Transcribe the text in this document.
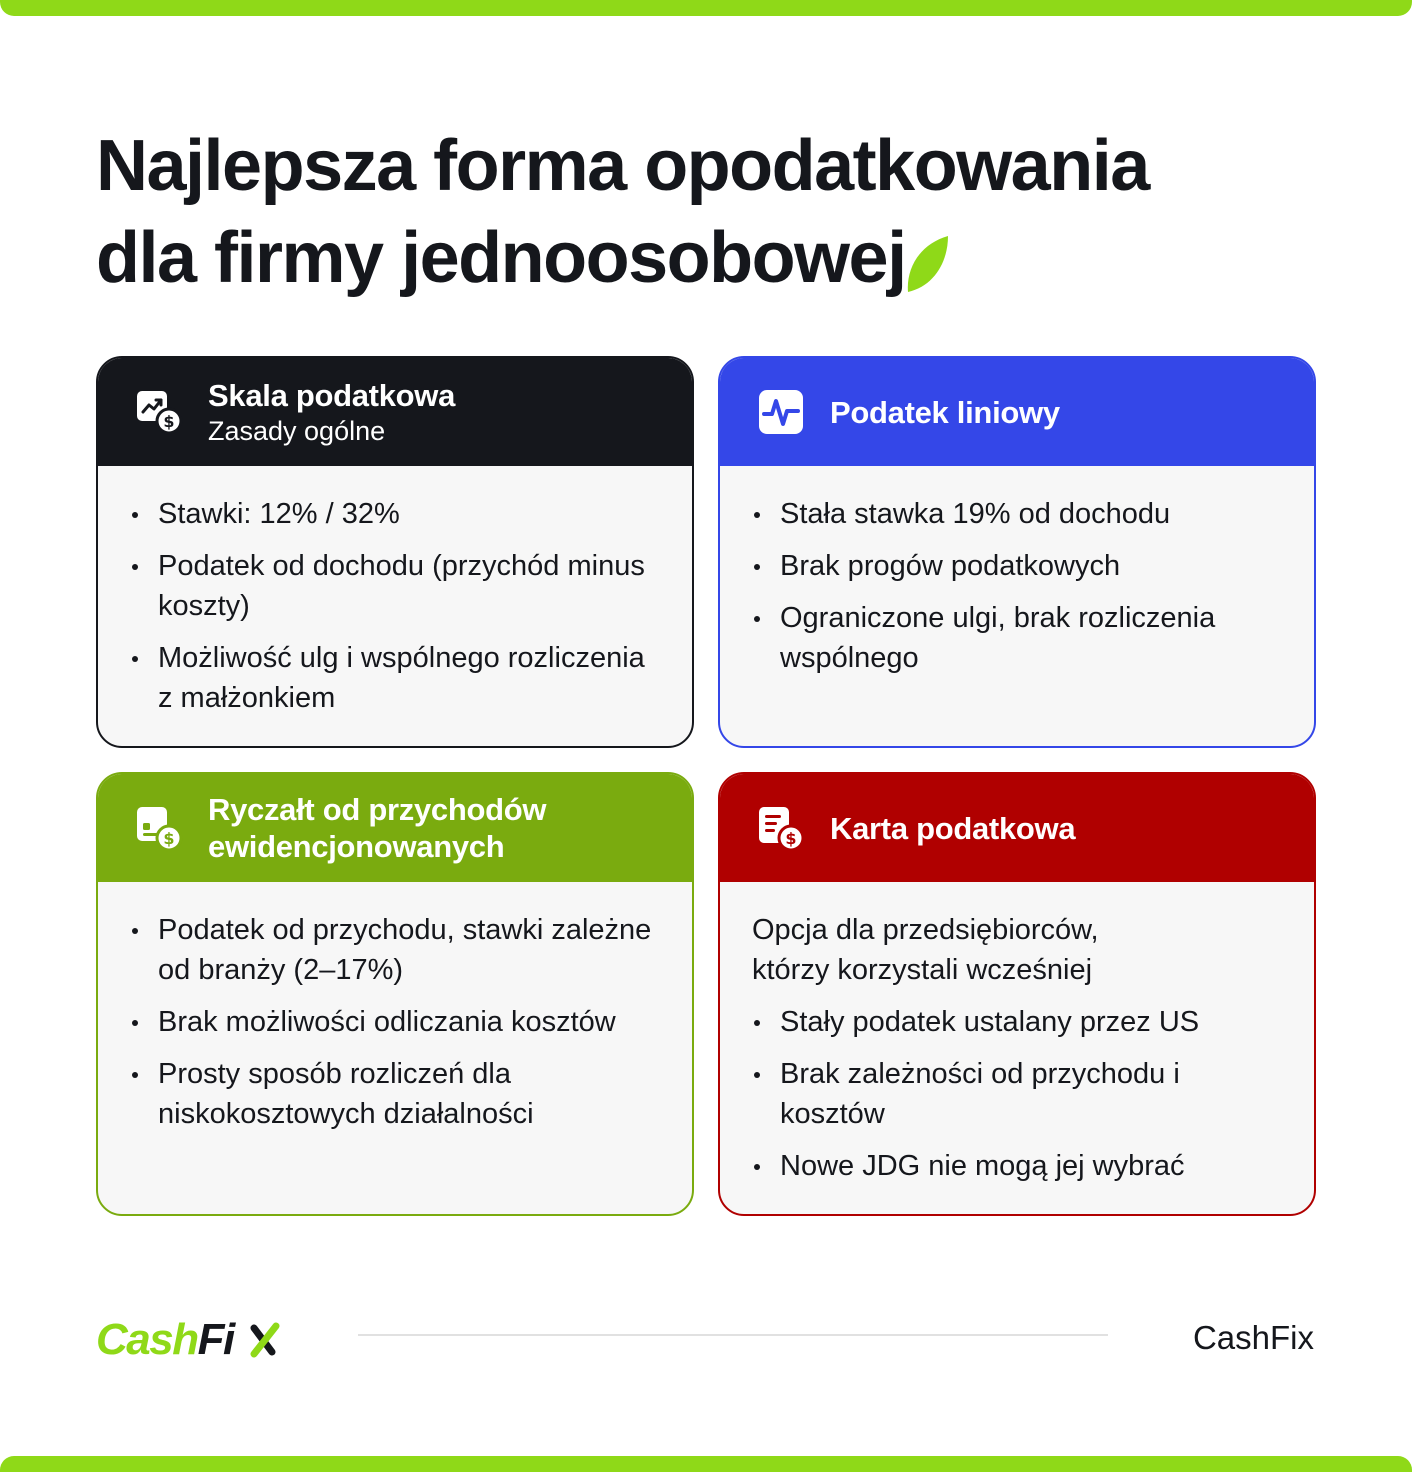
Najlepsza forma opodatkowania
dla firmy jednoosobowej
$
Skala podatkowa
Zasady ogólne
Stawki: 12% / 32%
Podatek od dochodu (przychód minus koszty)
Możliwość ulg i wspólnego rozliczenia z małżonkiem
Podatek liniowy
Stała stawka 19% od dochodu
Brak progów podatkowych
Ograniczone ulgi, brak rozliczenia wspólnego
$
Ryczałt od przychodów ewidencjonowanych
Podatek od przychodu, stawki zależne od branży (2–17%)
Brak możliwości odliczania kosztów
Prosty sposób rozliczeń dla niskokosztowych działalności
$ Karta podatkowa

Opcja dla przedsiębiorców, którzy korzystali wcześniej

Stały podatek ustalany przez US
Brak zależności od przychodu i kosztów
Nowe JDG nie mogą jej wybrać
CashFi	CashFix
